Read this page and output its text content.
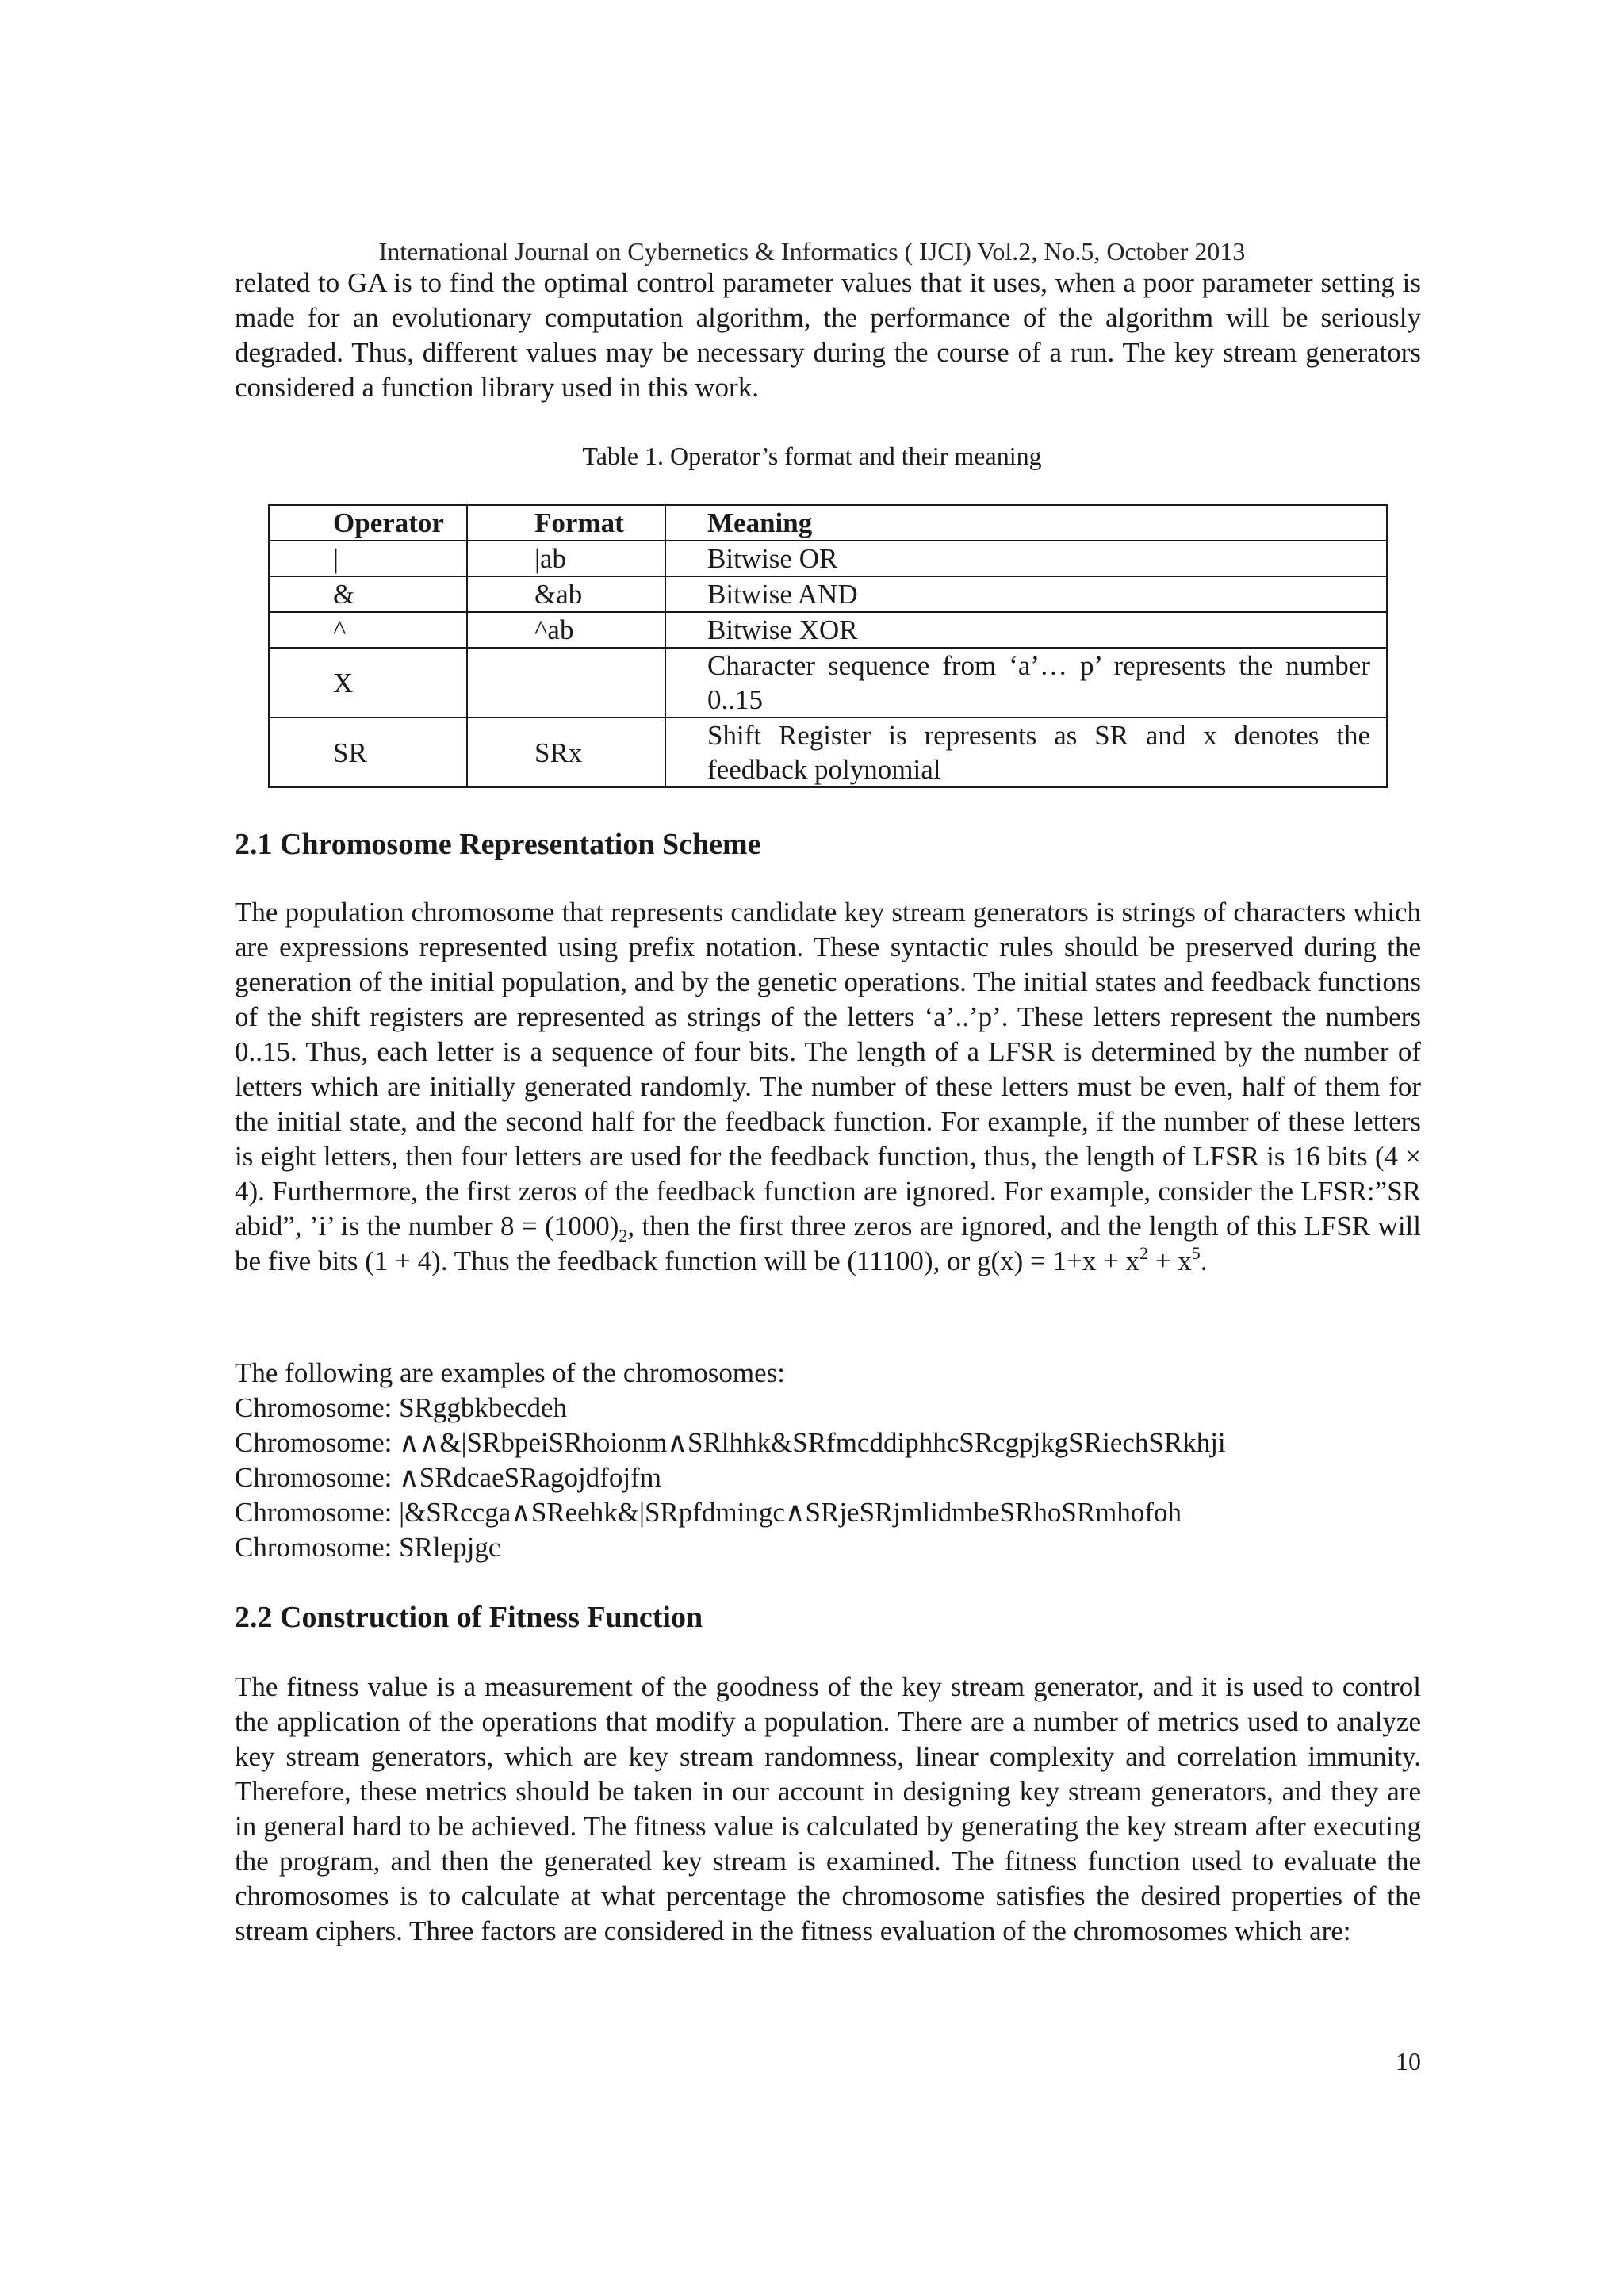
International Journal on Cybernetics & Informatics ( IJCI) Vol.2, No.5, October 2013

related to GA is to find the optimal control parameter values that it uses, when a poor parameter setting is made for an evolutionary computation algorithm, the performance of the algorithm will be seriously degraded. Thus, different values may be necessary during the course of a run. The key stream generators considered a function library used in this work.

Table 1. Operator’s format and their meaning
Operator	Format	Meaning
|	|ab	Bitwise OR
&	&ab	Bitwise AND
^	^ab	Bitwise XOR
X		Character sequence from ‘a’… p’ represents the number 0..15
SR	SRx	Shift Register is represents as SR and x denotes the feedback polynomial
2.1 Chromosome Representation Scheme

The population chromosome that represents candidate key stream generators is strings of characters which are expressions represented using prefix notation. These syntactic rules should be preserved during the generation of the initial population, and by the genetic operations. The initial states and feedback functions of the shift registers are represented as strings of the letters ‘a’..’p’. These letters represent the numbers 0..15. Thus, each letter is a sequence of four bits. The length of a LFSR is determined by the number of letters which are initially generated randomly. The number of these letters must be even, half of them for the initial state, and the second half for the feedback function. For example, if the number of these letters is eight letters, then four letters are used for the feedback function, thus, the length of LFSR is 16 bits (4 × 4). Furthermore, the first zeros of the feedback function are ignored. For example, consider the LFSR:”SR abid”, ’i’ is the number $8 = (1000)_2$, then the first three zeros are ignored, and the length of this LFSR will be five bits (1 + 4). Thus the feedback function will be (11100), or $g(x) = 1+x + x^2 + x^5$.

The following are examples of the chromosomes:

Chromosome: SRggbkbecdeh

Chromosome: ∧∧&|SRbpeiSRhoionm∧SRlhhk&SRfmcddiphhcSRcgpjkgSRiechSRkhji

Chromosome: ∧SRdcaeSRagojdfojfm

Chromosome: |&SRccga∧SReehk&|SRpfdmingc∧SRjeSRjmlidmbeSRhoSRmhofoh

Chromosome: SRlepjgc

2.2 Construction of Fitness Function

The fitness value is a measurement of the goodness of the key stream generator, and it is used to control the application of the operations that modify a population. There are a number of metrics used to analyze key stream generators, which are key stream randomness, linear complexity and correlation immunity. Therefore, these metrics should be taken in our account in designing key stream generators, and they are in general hard to be achieved. The fitness value is calculated by generating the key stream after executing the program, and then the generated key stream is examined. The fitness function used to evaluate the chromosomes is to calculate at what percentage the chromosome satisfies the desired properties of the stream ciphers. Three factors are considered in the fitness evaluation of the chromosomes which are:

10
